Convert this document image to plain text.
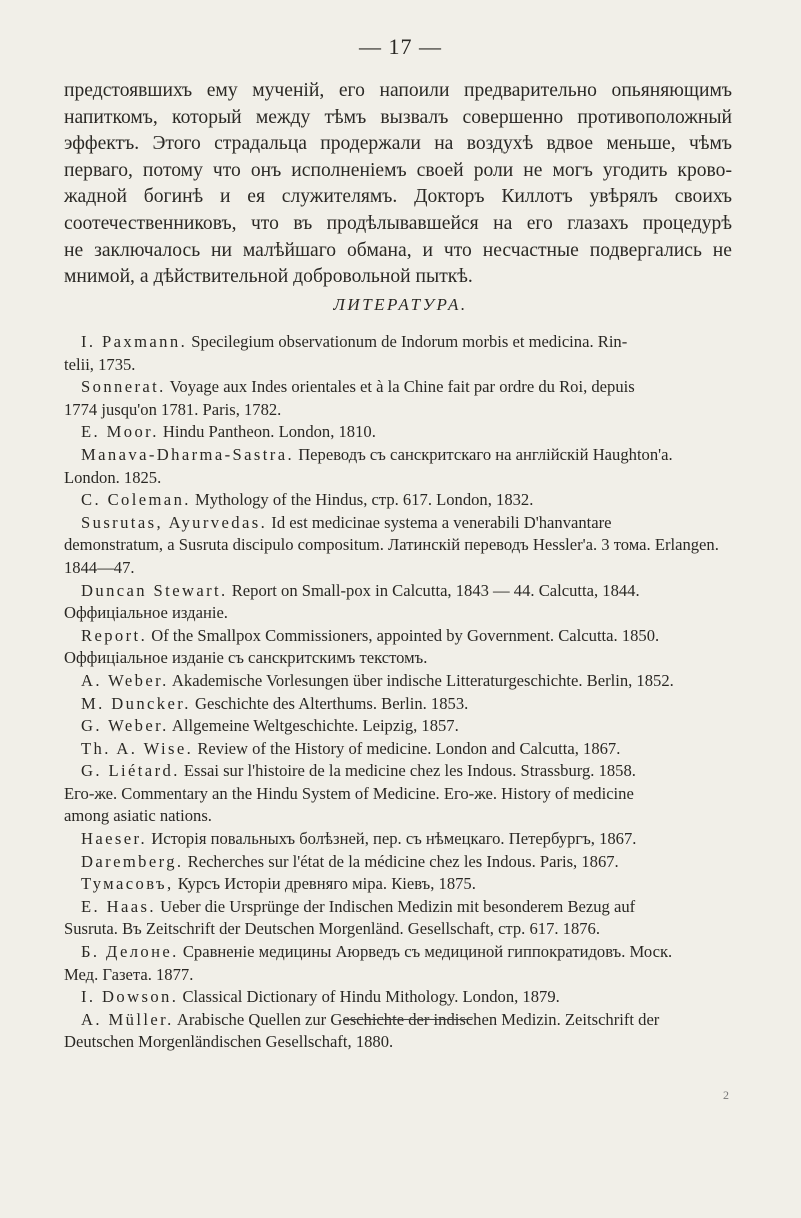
— 17 —

предстоявшихъ ему мученій, его напоили предварительно опьяняющимъ
напиткомъ, который между тѣмъ вызвалъ совершенно противоположный
эффектъ. Этого страдальца продержали на воздухѣ вдвое меньше, чѣмъ
перваго, потому что онъ исполненіемъ своей роли не могъ угодить крово-
жадной богинѣ и ея служителямъ. Докторъ Киллотъ увѣрялъ своихъ
соотечественниковъ, что въ продѣлывавшейся на его глазахъ процедурѣ
не заключалось ни малѣйшаго обмана, и что несчастные подвергались не
мнимой, а дѣйствительной добровольной пыткѣ.

ЛИТЕРАТУРА.
I. Paxmann. Specilegium observationum de Indorum morbis et medicina. Rin-
telii, 1735.
Sonnerat. Voyage aux Indes orientales et à la Chine fait par ordre du Roi, depuis
1774 jusqu'on 1781. Paris, 1782.
E. Moor. Hindu Pantheon. London, 1810.
Manava-Dharma-Sastra. Переводъ съ санскритскаго на англійскій Haughton'a.
London. 1825.
C. Coleman. Mythology of the Hindus, стр. 617. London, 1832.
Susrutas, Ayurvedas. Id est medicinae systema a venerabili D'hanvantare
demonstratum, a Susruta discipulo compositum. Латинскій переводъ Hessler'a. 3 тома. Erlangen.
1844—47.
Duncan Stewart. Report on Small-pox in Calcutta, 1843 — 44. Calcutta, 1844.
Оффиціальное изданіе.
Report. Of the Smallpox Commissioners, appointed by Government. Calcutta. 1850.
Оффиціальное изданіе съ санскритскимъ текстомъ.
A. Weber. Akademische Vorlesungen über indische Litteraturgeschichte. Berlin, 1852.
M. Duncker. Geschichte des Alterthums. Berlin. 1853.
G. Weber. Allgemeine Weltgeschichte. Leipzig, 1857.
Th. A. Wise. Review of the History of medicine. London and Calcutta, 1867.
G. Liétard. Essai sur l'histoire de la medicine chez les Indous. Strassburg. 1858.
Его-же. Commentary an the Hindu System of Medicine. Его-же. History of medicine
among asiatic nations.
Haeser. Исторія повальныхъ болѣзней, пер. съ нѣмецкаго. Петербургъ, 1867.
Daremberg. Recherches sur l'état de la médicine chez les Indous. Paris, 1867.
Тумасовъ, Курсъ Исторіи древняго міра. Кіевъ, 1875.
E. Haas. Ueber die Ursprünge der Indischen Medizin mit besonderem Bezug auf
Susruta. Въ Zeitschrift der Deutschen Morgenländ. Gesellschaft, стр. 617. 1876.
Б. Делоне. Сравненіе медицины Аюрведъ съ медициной гиппократидовъ. Моск.
Мед. Газета. 1877.
I. Dowson. Classical Dictionary of Hindu Mithology. London, 1879.
A. Müller. Arabische Quellen zur Geschichte der indischen Medizin. Zeitschrift der
Deutschen Morgenländischen Gesellschaft, 1880.
2
